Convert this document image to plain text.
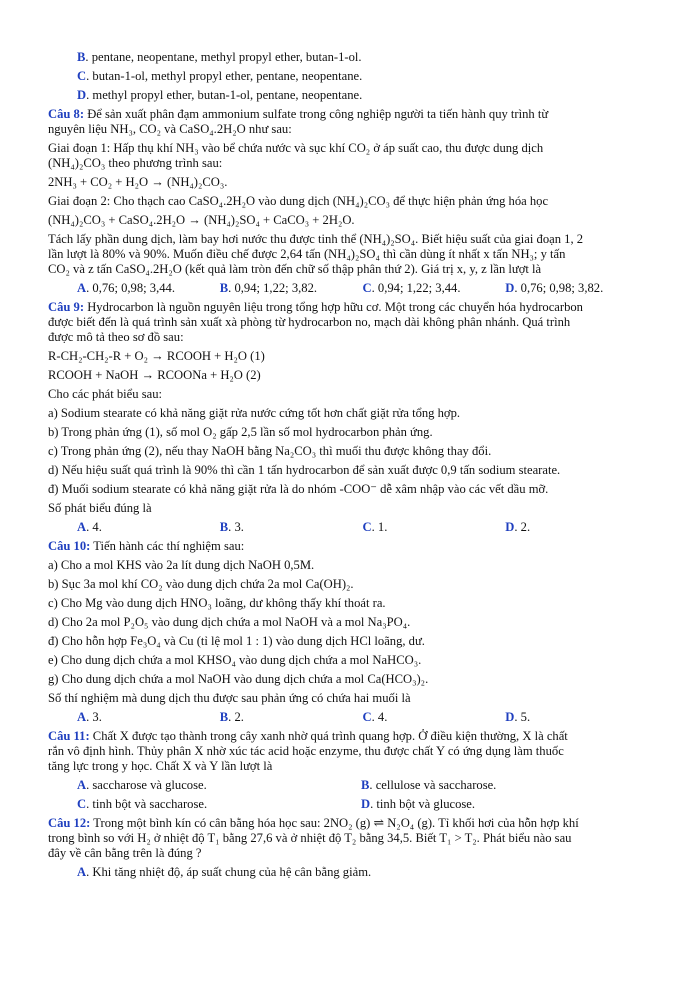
B. pentane, neopentane, methyl propyl ether, butan-1-ol.
C. butan-1-ol, methyl propyl ether, pentane, neopentane.
D. methyl propyl ether, butan-1-ol, pentane, neopentane.
Câu 8: Để sản xuất phân đạm ammonium sulfate trong công nghiệp người ta tiến hành quy trình từ
nguyên liệu NH₃, CO₂ và CaSO₄.2H₂O như sau:
Giai đoạn 1: Hấp thụ khí NH₃ vào bể chứa nước và sục khí CO₂ ở áp suất cao, thu được dung dịch
(NH₄)₂CO₃ theo phương trình sau:
2NH₃ + CO₂ + H₂O → (NH₄)₂CO₃.
Giai đoạn 2: Cho thạch cao CaSO₄.2H₂O vào dung dịch (NH₄)₂CO₃ để thực hiện phản ứng hóa học
(NH₄)₂CO₃ + CaSO₄.2H₂O → (NH₄)₂SO₄ + CaCO₃ + 2H₂O.
Tách lấy phần dung dịch, làm bay hơi nước thu được tinh thể (NH₄)₂SO₄. Biết hiệu suất của giai đoạn 1, 2
lần lượt là 80% và 90%. Muốn điều chế được 2,64 tấn (NH₄)₂SO₄ thì cần dùng ít nhất x tấn NH₃; y tấn
CO₂ và z tấn CaSO₄.2H₂O (kết quả làm tròn đến chữ số thập phân thứ 2). Giá trị x, y, z lần lượt là
A. 0,76; 0,98; 3,44.	B. 0,94; 1,22; 3,82.	C. 0,94; 1,22; 3,44.	D. 0,76; 0,98; 3,82.
Câu 9: Hydrocarbon là nguồn nguyên liệu trong tổng hợp hữu cơ. Một trong các chuyển hóa hydrocarbon
được biết đến là quá trình sản xuất xà phòng từ hydrocarbon no, mạch dài không phân nhánh. Quá trình
được mô tả theo sơ đồ sau:
R-CH₂-CH₂-R + O₂ → RCOOH + H₂O (1)
RCOOH + NaOH → RCOONa + H₂O (2)
Cho các phát biểu sau:
a) Sodium stearate có khả năng giặt rửa nước cứng tốt hơn chất giặt rửa tổng hợp.
b) Trong phản ứng (1), số mol O₂ gấp 2,5 lần số mol hydrocarbon phản ứng.
c) Trong phản ứng (2), nếu thay NaOH bằng Na₂CO₃ thì muối thu được không thay đổi.
d) Nếu hiệu suất quá trình là 90% thì cần 1 tấn hydrocarbon để sản xuất được 0,9 tấn sodium stearate.
đ) Muối sodium stearate có khả năng giặt rửa là do nhóm -COO⁻ dễ xâm nhập vào các vết dầu mỡ.
Số phát biểu đúng là
A. 4.	B. 3.	C. 1.	D. 2.
Câu 10: Tiến hành các thí nghiệm sau:
a) Cho a mol KHS vào 2a lít dung dịch NaOH 0,5M.
b) Sục 3a mol khí CO₂ vào dung dịch chứa 2a mol Ca(OH)₂.
c) Cho Mg vào dung dịch HNO₃ loãng, dư không thấy khí thoát ra.
d) Cho 2a mol P₂O₅ vào dung dịch chứa a mol NaOH và a mol Na₃PO₄.
đ) Cho hỗn hợp Fe₃O₄ và Cu (tỉ lệ mol 1 : 1) vào dung dịch HCl loãng, dư.
e) Cho dung dịch chứa a mol KHSO₄ vào dung dịch chứa a mol NaHCO₃.
g) Cho dung dịch chứa a mol NaOH vào dung dịch chứa a mol Ca(HCO₃)₂.
Số thí nghiệm mà dung dịch thu được sau phản ứng có chứa hai muối là
A. 3.	B. 2.	C. 4.	D. 5.
Câu 11: Chất X được tạo thành trong cây xanh nhờ quá trình quang hợp. Ở điều kiện thường, X là chất
rắn vô định hình. Thủy phân X nhờ xúc tác acid hoặc enzyme, thu được chất Y có ứng dụng làm thuốc
tăng lực trong y học. Chất X và Y lần lượt là
A. saccharose và glucose.	B. cellulose và saccharose.
C. tinh bột và saccharose.	D. tinh bột và glucose.
Câu 12: Trong một bình kín có cân bằng hóa học sau: 2NO₂ (g) ⇌ N₂O₄ (g). Tỉ khối hơi của hỗn hợp khí
trong bình so với H₂ ở nhiệt độ T₁ bằng 27,6 và ở nhiệt độ T₂ bằng 34,5. Biết T₁ > T₂. Phát biểu nào sau
đây về cân bằng trên là đúng ?
A. Khi tăng nhiệt độ, áp suất chung của hệ cân bằng giảm.
